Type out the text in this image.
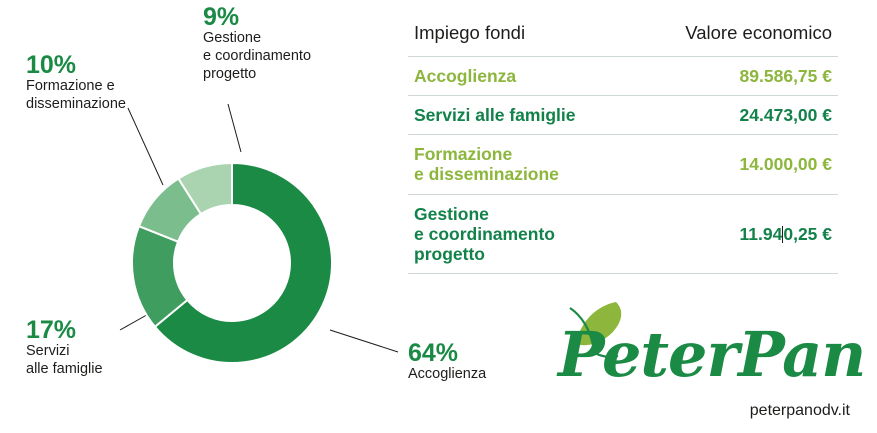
9%
Gestione
e coordinamento
progetto
10%
Formazione e
disseminazione
17%
Servizi
alle famiglie
64%
Accoglienza
Impiego fondi	Valore economico
Accoglienza	89.586,75 €
Servizi alle famiglie	24.473,00 €

Formazione
e disseminazione	14.000,00 €

Gestione
e coordinamento
progetto	11.940,25 €
PeterPan
peterpanodv.it
